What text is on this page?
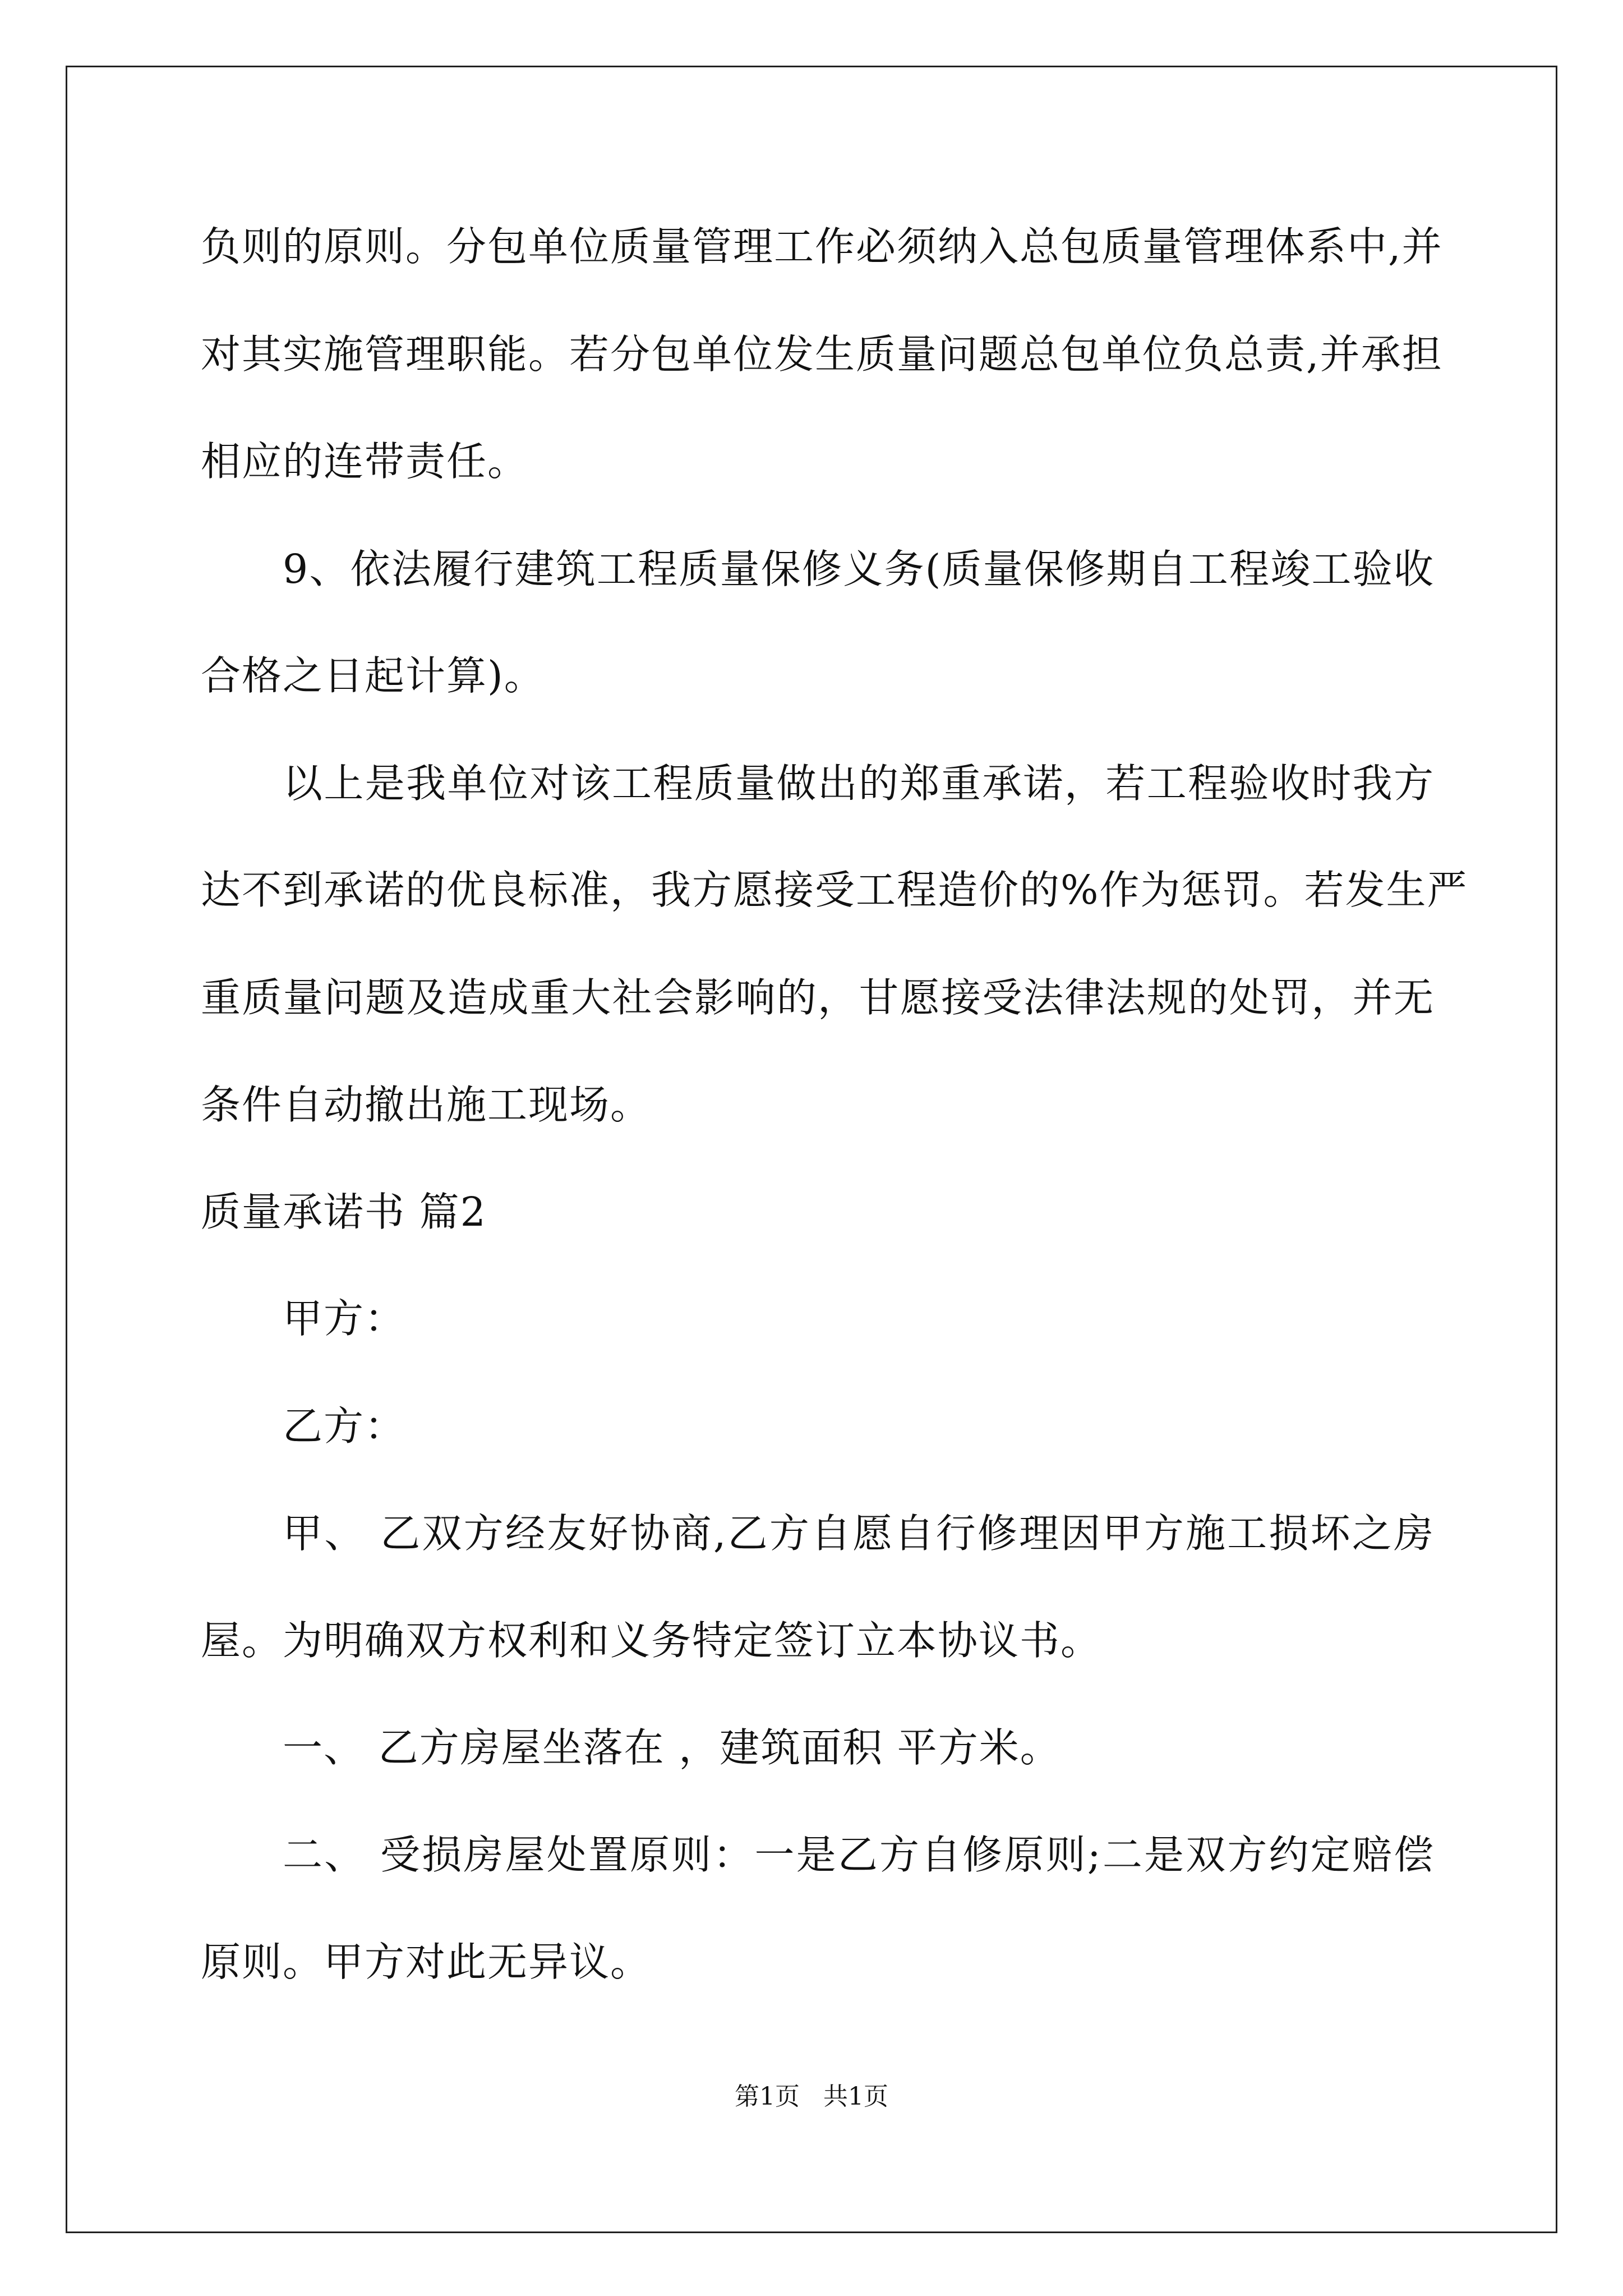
负则的原则。分包单位质量管理工作必须纳入总包质量管理体系中,并
对其实施管理职能。若分包单位发生质量问题总包单位负总责,并承担
相应的连带责任。
9、依法履行建筑工程质量保修义务(质量保修期自工程竣工验收
合格之日起计算)。
以上是我单位对该工程质量做出的郑重承诺，若工程验收时我方
达不到承诺的优良标准，我方愿接受工程造价的%作为惩罚。若发生严
重质量问题及造成重大社会影响的，甘愿接受法律法规的处罚，并无
条件自动撤出施工现场。
质量承诺书 篇2
甲方：
乙方：
甲、 乙双方经友好协商,乙方自愿自行修理因甲方施工损坏之房
屋。为明确双方权利和义务特定签订立本协议书。
一、 乙方房屋坐落在 ，建筑面积 平方米。
二、 受损房屋处置原则：一是乙方自修原则;二是双方约定赔偿
原则。甲方对此无异议。
第1页   共1页
